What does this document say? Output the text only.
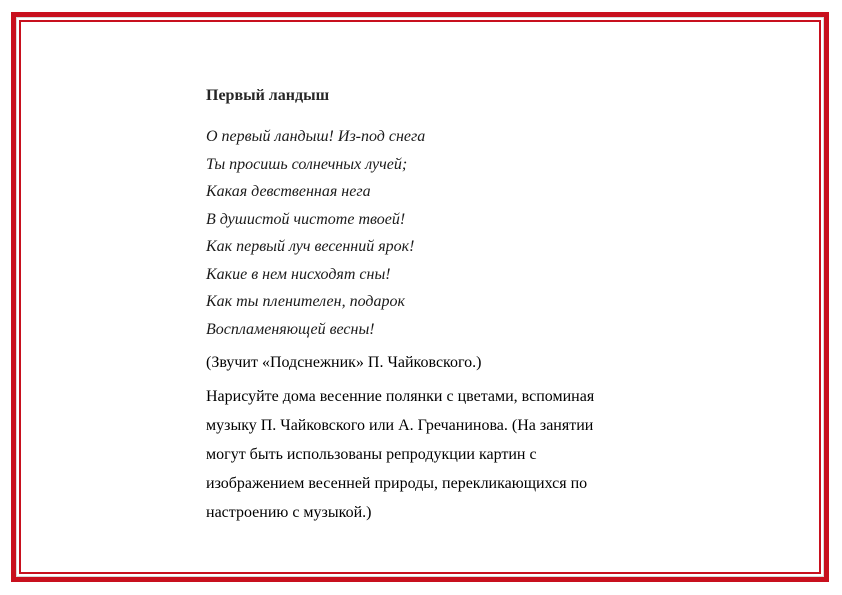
Первый ландыш
О первый ландыш! Из-под снега
Ты просишь солнечных лучей;
Какая девственная нега
В душистой чистоте твоей!
Как первый луч весенний ярок!
Какие в нем нисходят сны!
Как ты пленителен, подарок
Воспламеняющей весны!
(Звучит «Подснежник» П. Чайковского.)
Нарисуйте дома весенние полянки с цветами, вспоминая
музыку П. Чайковского или А. Гречанинова. (На занятии
могут быть использованы репродукции картин с
изображением весенней природы, перекликающихся по
настроению с музыкой.)
